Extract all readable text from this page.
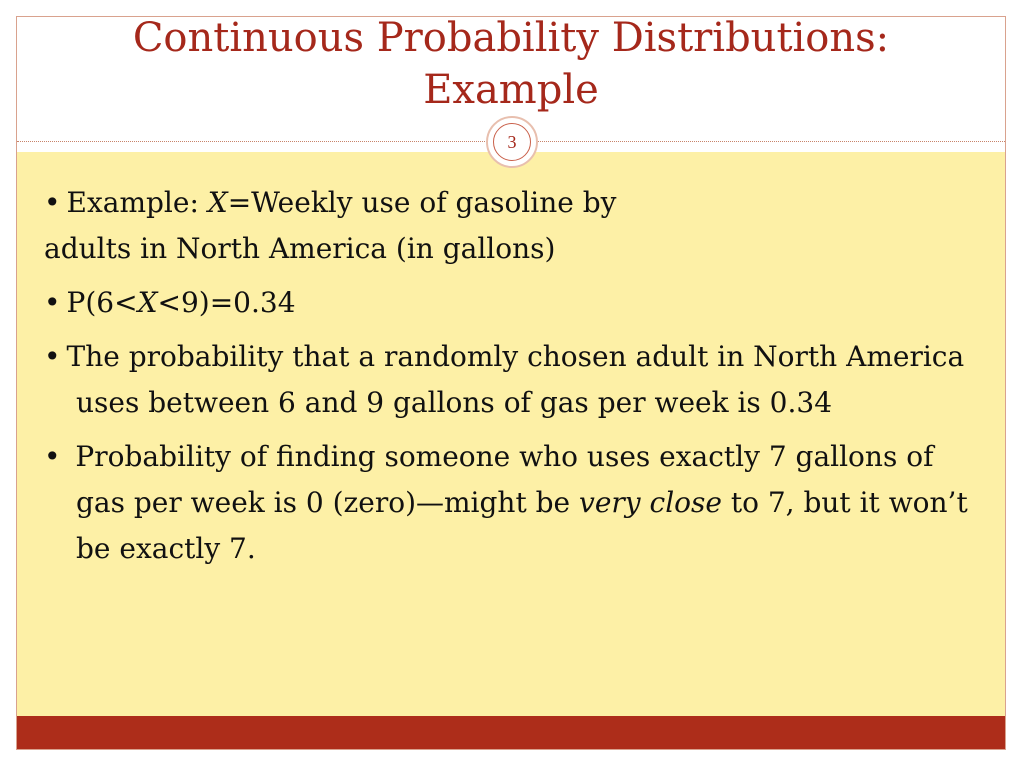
Continuous Probability Distributions:
Example
3

• Example: X=Weekly use of gasoline by

adults in North America (in gallons)

• P(6<X<9)=0.34

• The probability that a randomly chosen adult in North America uses between 6 and 9 gallons of gas per week is 0.34

• Probability of finding someone who uses exactly 7 gallons of gas per week is 0 (zero)—might be very close to 7, but it won’t be exactly 7.
